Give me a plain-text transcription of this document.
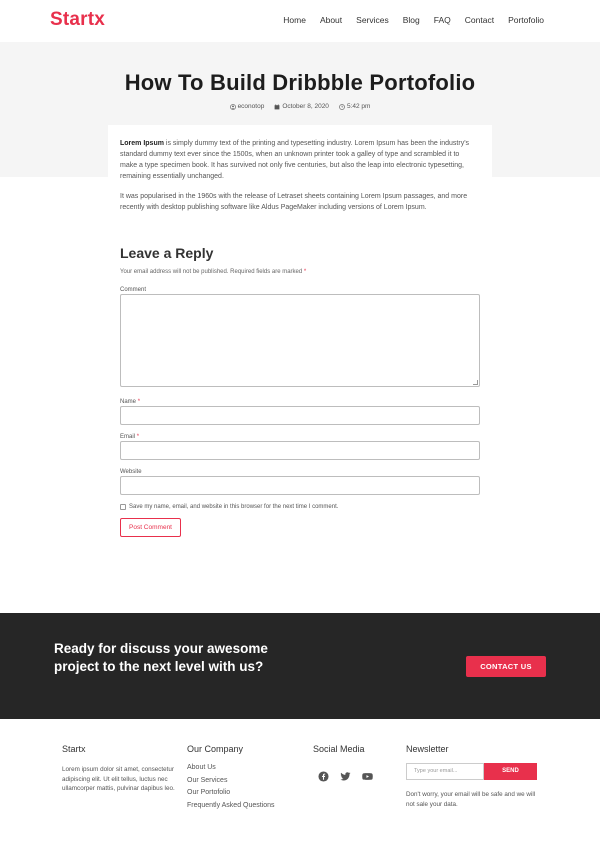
Startx	Home About Services Blog FAQ Contact Portofolio
How To Build Dribbble Portofolio
econotop	October 8, 2020	5:42 pm

Lorem Ipsum is simply dummy text of the printing and typesetting industry. Lorem Ipsum has been the industry's standard dummy text ever since the 1500s, when an unknown printer took a galley of type and scrambled it to make a type specimen book. It has survived not only five centuries, but also the leap into electronic typesetting, remaining essentially unchanged.

It was popularised in the 1960s with the release of Letraset sheets containing Lorem Ipsum passages, and more recently with desktop publishing software like Aldus PageMaker including versions of Lorem Ipsum.

Leave a Reply
Your email address will not be published. Required fields are marked *
Comment
Name *
Email *
Website
Save my name, email, and website in this browser for the next time I comment.
Post Comment
Ready for discuss your awesome project to the next level with us?	CONTACT US
Startx
Lorem ipsum dolor sit amet, consectetur adipiscing elit. Ut elit tellus, luctus nec ullamcorper mattis, pulvinar dapibus leo.
Our Company
About Us
Our Services
Our Portofolio
Frequently Asked Questions
Social Media	Newsletter
Type your email...	SEND
Don't worry, your email will be safe and we will not sale your data.
